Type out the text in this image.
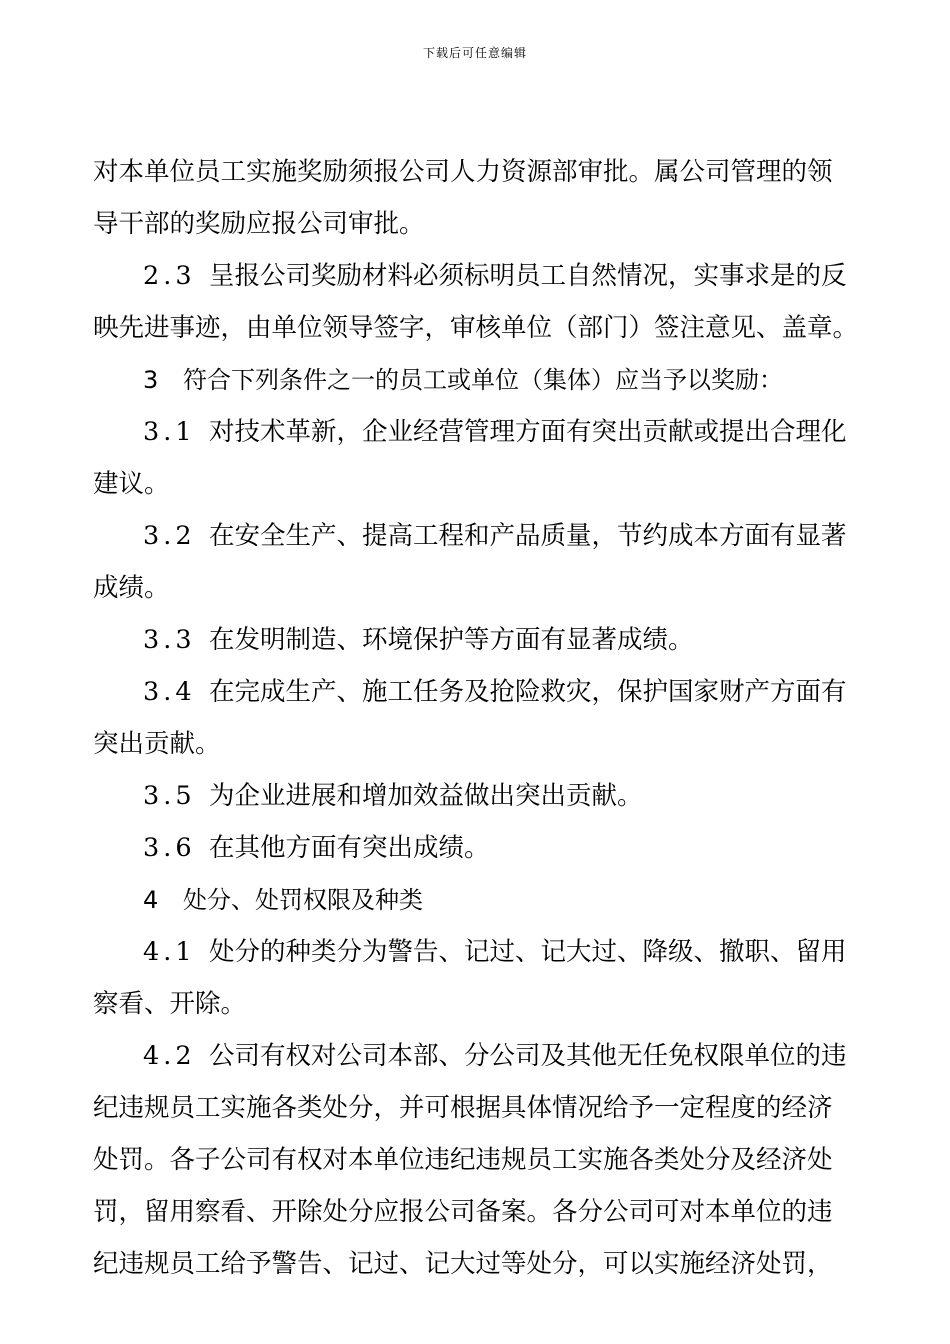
下载后可任意编辑
对本单位员工实施奖励须报公司人力资源部审批。属公司管理的领
导干部的奖励应报公司审批。
2.3 呈报公司奖励材料必须标明员工自然情况，实事求是的反
映先进事迹，由单位领导签字，审核单位（部门）签注意见、盖章。
3 符合下列条件之一的员工或单位（集体）应当予以奖励：
3.1 对技术革新，企业经营管理方面有突出贡献或提出合理化
建议。
3.2 在安全生产、提高工程和产品质量，节约成本方面有显著
成绩。
3.3 在发明制造、环境保护等方面有显著成绩。
3.4 在完成生产、施工任务及抢险救灾，保护国家财产方面有
突出贡献。
3.5 为企业进展和增加效益做出突出贡献。
3.6 在其他方面有突出成绩。
4 处分、处罚权限及种类
4.1 处分的种类分为警告、记过、记大过、降级、撤职、留用
察看、开除。
4.2 公司有权对公司本部、分公司及其他无任免权限单位的违
纪违规员工实施各类处分，并可根据具体情况给予一定程度的经济
处罚。各子公司有权对本单位违纪违规员工实施各类处分及经济处
罚，留用察看、开除处分应报公司备案。各分公司可对本单位的违
纪违规员工给予警告、记过、记大过等处分，可以实施经济处罚，
